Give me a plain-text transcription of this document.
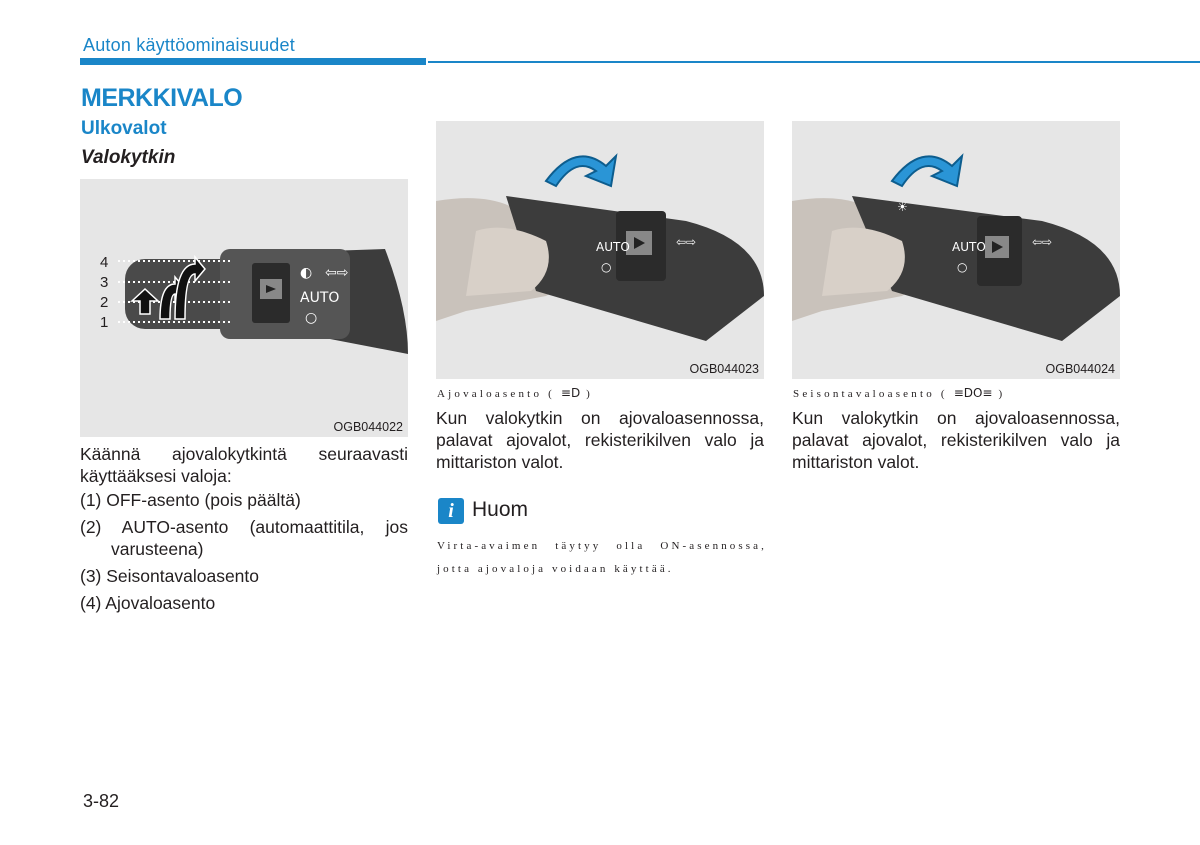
Auton käyttöominaisuudet
MERKKIVALO
Ulkovalot
Valokytkin
◐
AUTO
○
⇦⇨
4
3
2
1
OGB044022
AUTO
○
⇦⇨
OGB044023
AUTO
○
⇦⇨
☀
OGB044024
Käännä ajovalokytkintä seuraavasti käyttääksesi valoja:
(1) OFF-asento (pois päältä)
(2) AUTO-asento (automaattitila, jos varusteena)
(3) Seisontavaloasento
(4) Ajovaloasento
Ajovaloasento ( ≡D )
Kun valokytkin on ajovaloasennossa, palavat ajovalot, rekisterikilven valo ja mittariston valot.
Seisontavaloasento ( ≡DO≡ )
Kun valokytkin on ajovaloasennossa, palavat ajovalot, rekisterikilven valo ja mittariston valot.
i Huom
Virta-avaimen täytyy olla ON-asennossa, jotta ajovaloja voidaan käyttää.
3-82
